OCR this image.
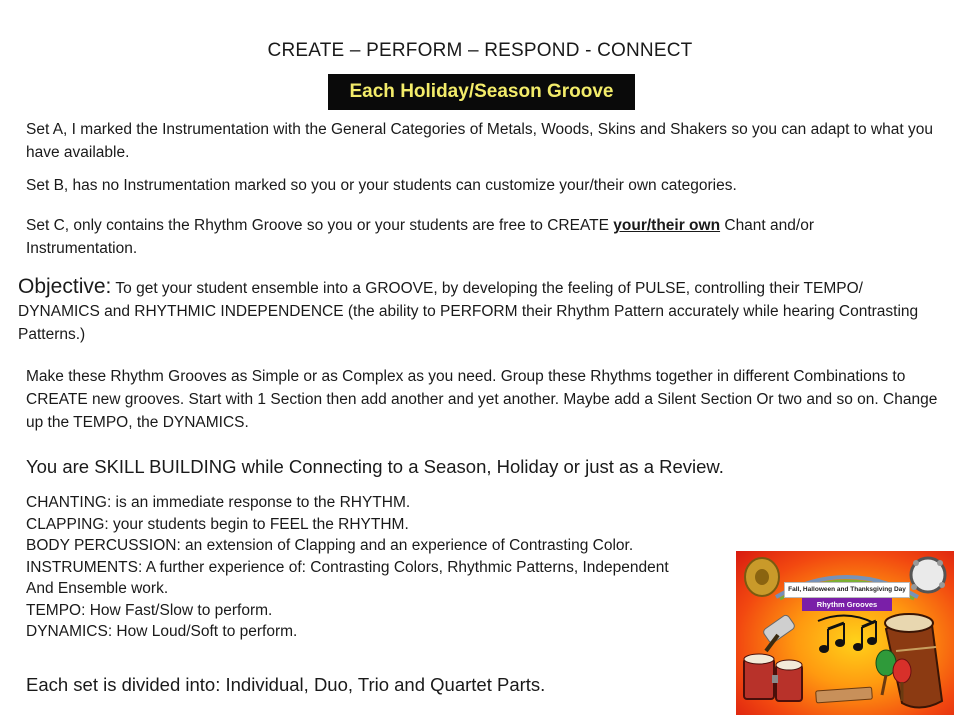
CREATE – PERFORM – RESPOND - CONNECT
Each Holiday/Season Groove
Set A, I marked the Instrumentation with the General Categories of Metals, Woods, Skins and Shakers so you can adapt to what you have available.
Set B, has no Instrumentation marked so you or your students can customize your/their own categories.
Set C, only contains the Rhythm Groove so you or your students are free to CREATE your/their own Chant and/or Instrumentation.
Objective: To get your student ensemble into a GROOVE, by developing the feeling of PULSE, controlling their TEMPO/ DYNAMICS and RHYTHMIC INDEPENDENCE (the ability to PERFORM their Rhythm Pattern accurately while hearing Contrasting Patterns.)
Make these Rhythm Grooves as Simple or as Complex as you need. Group these Rhythms together in different Combinations to CREATE new grooves. Start with 1 Section then add another and yet another. Maybe add a Silent Section Or two and so on. Change up the TEMPO, the DYNAMICS.
You are SKILL BUILDING while Connecting to a Season, Holiday or just as a Review.
CHANTING: is an immediate response to the RHYTHM.
CLAPPING: your students begin to FEEL the RHYTHM.
BODY PERCUSSION: an extension of Clapping and an experience of Contrasting Color.
INSTRUMENTS: A further experience of: Contrasting Colors, Rhythmic Patterns, Independent
And Ensemble work.
TEMPO: How Fast/Slow to perform.
DYNAMICS: How Loud/Soft to perform.
Each set is divided into: Individual, Duo, Trio and Quartet Parts.
Fall, Halloween and Thanksgiving Day
Rhythm Grooves
